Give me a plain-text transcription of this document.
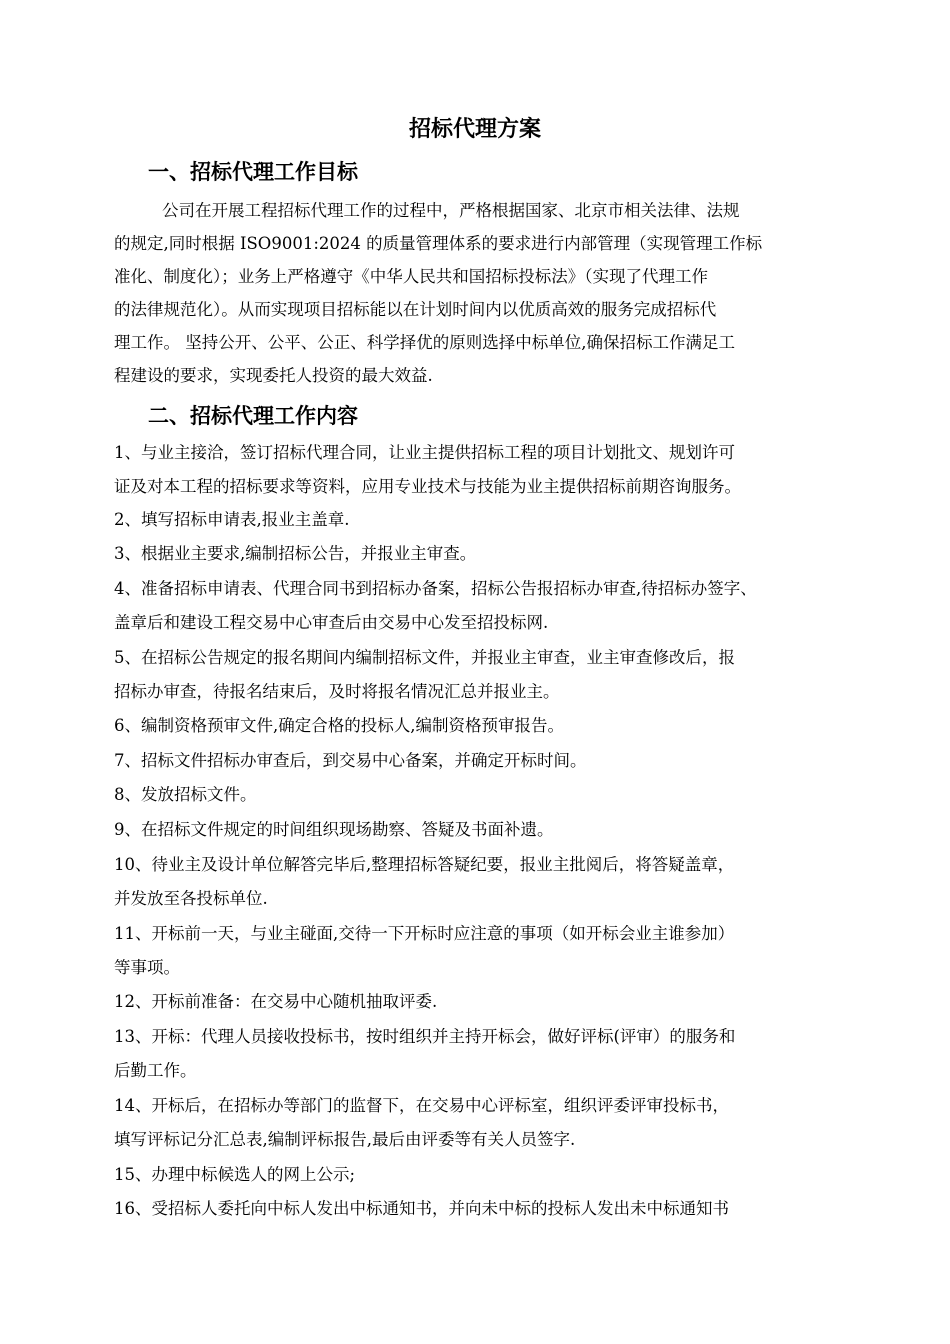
招标代理方案
一、招标代理工作目标
公司在开展工程招标代理工作的过程中，严格根据国家、北京市相关法律、法规
的规定,同时根据 ISO9001:2024 的质量管理体系的要求进行内部管理（实现管理工作标
准化、制度化）；业务上严格遵守《中华人民共和国招标投标法》（实现了代理工作
的法律规范化）。从而实现项目招标能以在计划时间内以优质高效的服务完成招标代
理工作。 坚持公开、公平、公正、科学择优的原则选择中标单位,确保招标工作满足工
程建设的要求，实现委托人投资的最大效益.
二、招标代理工作内容
1、与业主接洽，签订招标代理合同，让业主提供招标工程的项目计划批文、规划许可
证及对本工程的招标要求等资料，应用专业技术与技能为业主提供招标前期咨询服务。
2、填写招标申请表,报业主盖章.
3、根据业主要求,编制招标公告，并报业主审查。
4、准备招标申请表、代理合同书到招标办备案，招标公告报招标办审查,待招标办签字、
盖章后和建设工程交易中心审查后由交易中心发至招投标网.
5、在招标公告规定的报名期间内编制招标文件，并报业主审查，业主审查修改后，报
招标办审查，待报名结束后，及时将报名情况汇总并报业主。
6、编制资格预审文件,确定合格的投标人,编制资格预审报告。
7、招标文件招标办审查后，到交易中心备案，并确定开标时间。
8、发放招标文件。
9、在招标文件规定的时间组织现场勘察、答疑及书面补遗。
10、待业主及设计单位解答完毕后,整理招标答疑纪要，报业主批阅后，将答疑盖章，
并发放至各投标单位.
11、开标前一天，与业主碰面,交待一下开标时应注意的事项（如开标会业主谁参加）
等事项。
12、开标前准备：在交易中心随机抽取评委.
13、开标：代理人员接收投标书，按时组织并主持开标会，做好评标(评审）的服务和
后勤工作。
14、开标后，在招标办等部门的监督下，在交易中心评标室，组织评委评审投标书，
填写评标记分汇总表,编制评标报告,最后由评委等有关人员签字.
15、办理中标候选人的网上公示;
16、受招标人委托向中标人发出中标通知书，并向未中标的投标人发出未中标通知书
